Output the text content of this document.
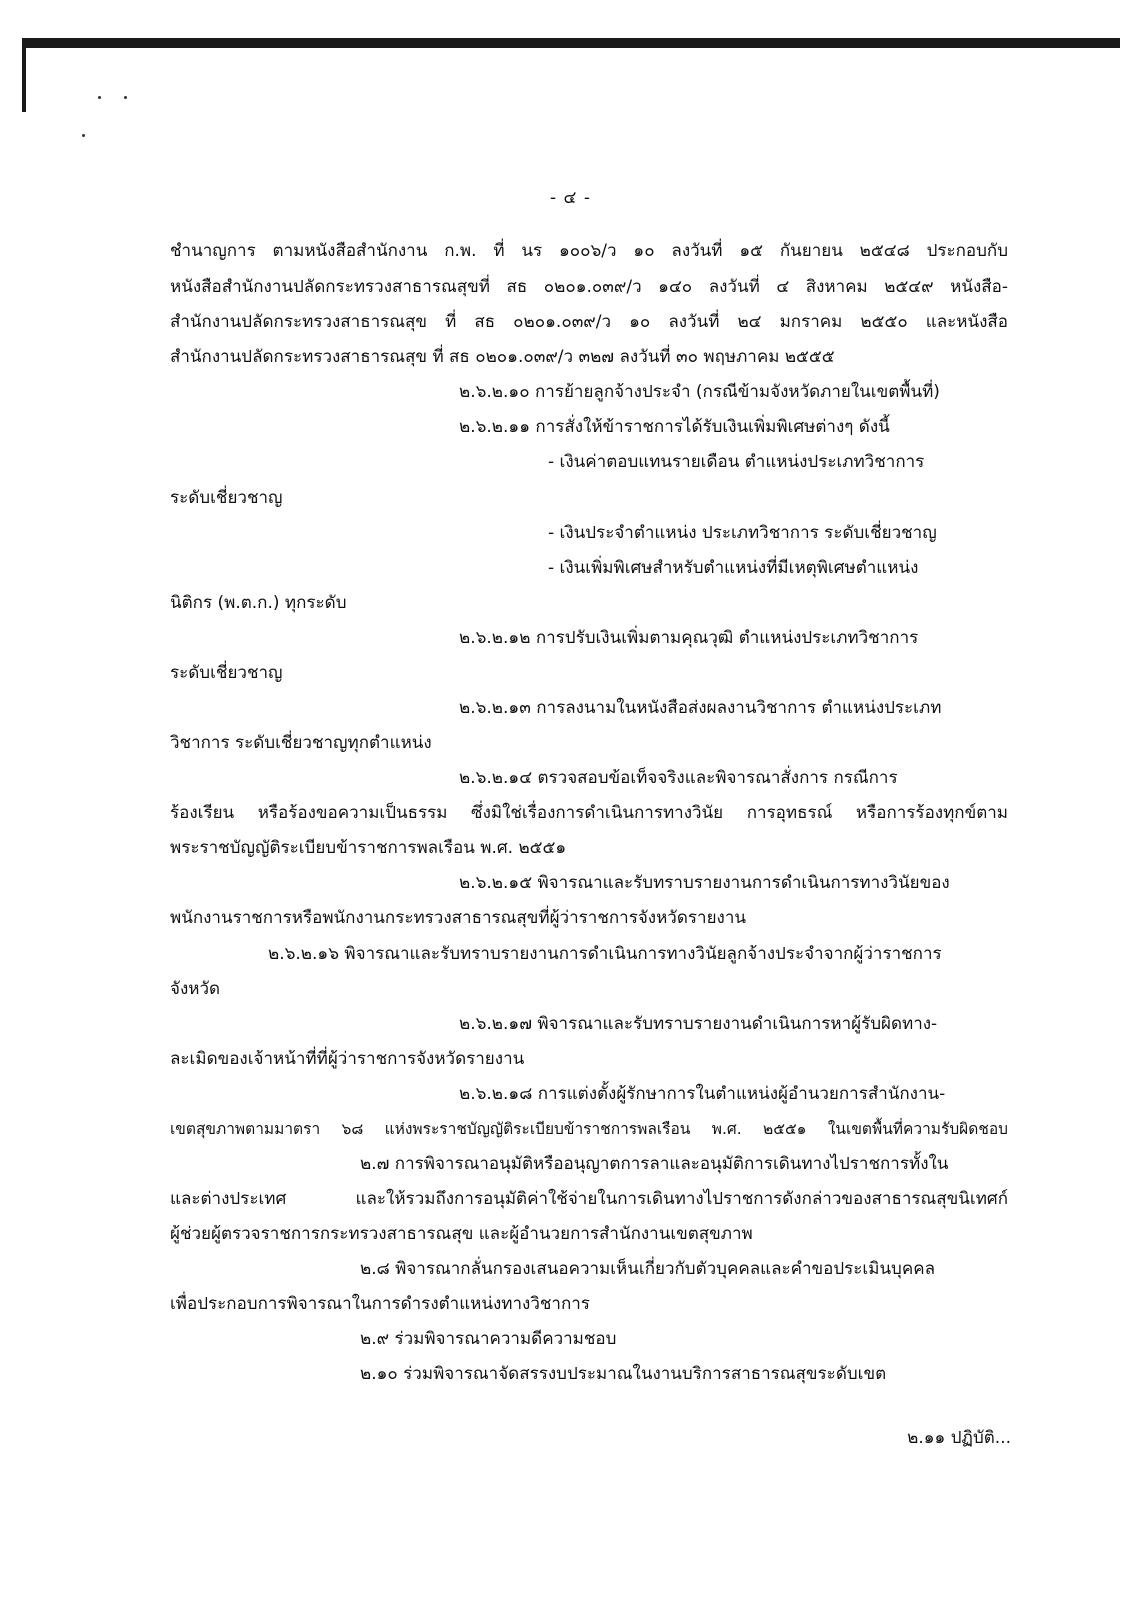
- ๔ -
ชำนาญการ ตามหนังสือสำนักงาน ก.พ. ที่ นร ๑๐๐๖/ว ๑๐ ลงวันที่ ๑๕ กันยายน ๒๕๔๘ ประกอบกับ
หนังสือสำนักงานปลัดกระทรวงสาธารณสุขที่ สธ ๐๒๐๑.๐๓๙/ว ๑๔๐ ลงวันที่ ๔ สิงหาคม ๒๕๔๙ หนังสือ-
สำนักงานปลัดกระทรวงสาธารณสุข ที่ สธ ๐๒๐๑.๐๓๙/ว ๑๐ ลงวันที่ ๒๔ มกราคม ๒๕๕๐ และหนังสือ
สำนักงานปลัดกระทรวงสาธารณสุข ที่ สธ ๐๒๐๑.๐๓๙/ว ๓๒๗ ลงวันที่ ๓๐ พฤษภาคม ๒๕๕๕
๒.๖.๒.๑๐ การย้ายลูกจ้างประจำ (กรณีข้ามจังหวัดภายในเขตพื้นที่)
๒.๖.๒.๑๑ การสั่งให้ข้าราชการได้รับเงินเพิ่มพิเศษต่างๆ ดังนี้
- เงินค่าตอบแทนรายเดือน ตำแหน่งประเภทวิชาการ
ระดับเชี่ยวชาญ
- เงินประจำตำแหน่ง ประเภทวิชาการ ระดับเชี่ยวชาญ
- เงินเพิ่มพิเศษสำหรับตำแหน่งที่มีเหตุพิเศษตำแหน่ง
นิติกร (พ.ต.ก.) ทุกระดับ
๒.๖.๒.๑๒ การปรับเงินเพิ่มตามคุณวุฒิ ตำแหน่งประเภทวิชาการ
ระดับเชี่ยวชาญ
๒.๖.๒.๑๓ การลงนามในหนังสือส่งผลงานวิชาการ ตำแหน่งประเภท
วิชาการ ระดับเชี่ยวชาญทุกตำแหน่ง
๒.๖.๒.๑๔ ตรวจสอบข้อเท็จจริงและพิจารณาสั่งการ กรณีการ
ร้องเรียน หรือร้องขอความเป็นธรรม ซึ่งมิใช่เรื่องการดำเนินการทางวินัย การอุทธรณ์ หรือการร้องทุกข์ตาม
พระราชบัญญัติระเบียบข้าราชการพลเรือน พ.ศ. ๒๕๕๑
๒.๖.๒.๑๕ พิจารณาและรับทราบรายงานการดำเนินการทางวินัยของ
พนักงานราชการหรือพนักงานกระทรวงสาธารณสุขที่ผู้ว่าราชการจังหวัดรายงาน
๒.๖.๒.๑๖ พิจารณาและรับทราบรายงานการดำเนินการทางวินัยลูกจ้างประจำจากผู้ว่าราชการ
จังหวัด
๒.๖.๒.๑๗ พิจารณาและรับทราบรายงานดำเนินการหาผู้รับผิดทาง-
ละเมิดของเจ้าหน้าที่ที่ผู้ว่าราชการจังหวัดรายงาน
๒.๖.๒.๑๘ การแต่งตั้งผู้รักษาการในตำแหน่งผู้อำนวยการสำนักงาน-
เขตสุขภาพตามมาตรา ๖๘ แห่งพระราชบัญญัติระเบียบข้าราชการพลเรือน พ.ศ. ๒๕๕๑ ในเขตพื้นที่ความรับผิดชอบ
๒.๗ การพิจารณาอนุมัติหรืออนุญาตการลาและอนุมัติการเดินทางไปราชการทั้งใน
และต่างประเทศ และให้รวมถึงการอนุมัติค่าใช้จ่ายในการเดินทางไปราชการดังกล่าวของสาธารณสุขนิเทศก์
ผู้ช่วยผู้ตรวจราชการกระทรวงสาธารณสุข และผู้อำนวยการสำนักงานเขตสุขภาพ
๒.๘ พิจารณากลั่นกรองเสนอความเห็นเกี่ยวกับตัวบุคคลและคำขอประเมินบุคคล
เพื่อประกอบการพิจารณาในการดำรงตำแหน่งทางวิชาการ
๒.๙ ร่วมพิจารณาความดีความชอบ
๒.๑๐ ร่วมพิจารณาจัดสรรงบประมาณในงานบริการสาธารณสุขระดับเขต
๒.๑๑ ปฏิบัติ...
